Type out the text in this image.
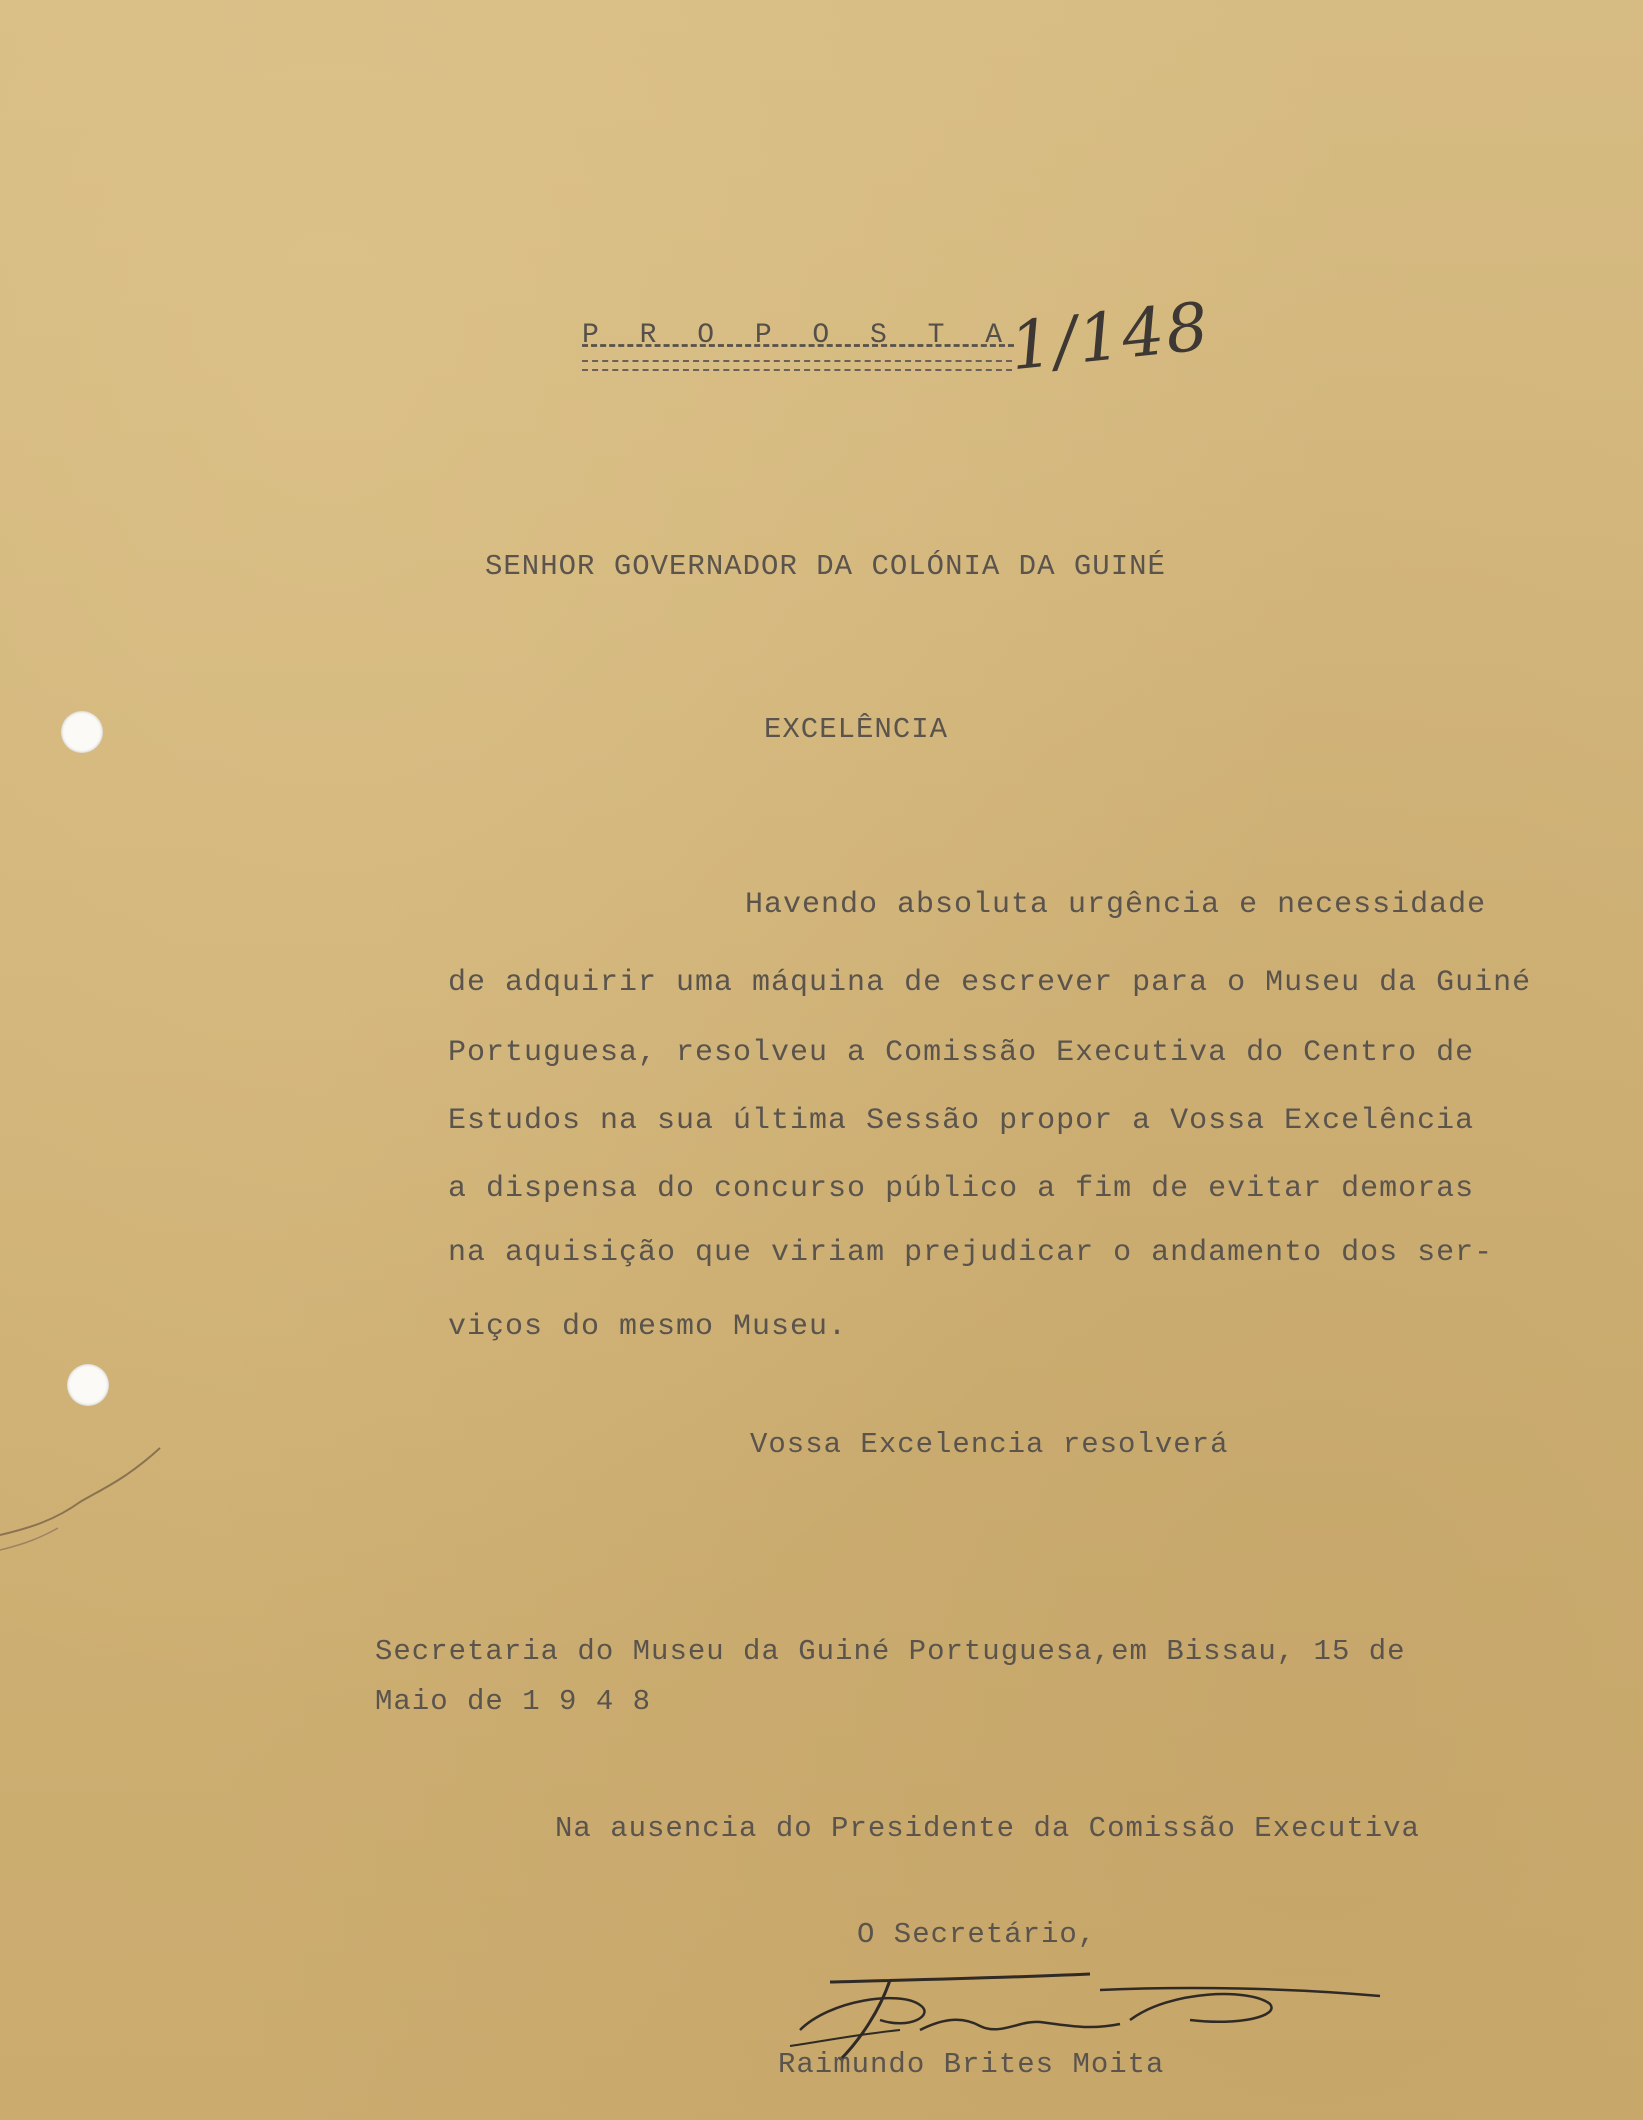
P R O P O S T A
1/148
SENHOR GOVERNADOR DA COLÓNIA DA GUINÉ
EXCELÊNCIA
Havendo absoluta urgência e necessidade
de adquirir uma máquina de escrever para o Museu da Guiné
Portuguesa, resolveu a Comissão Executiva do Centro de
Estudos na sua última Sessão propor a Vossa Excelência
a dispensa do concurso público a fim de evitar demoras
na aquisição que viriam prejudicar o andamento dos ser-
viços do mesmo Museu.
Vossa Excelencia resolverá
Secretaria do Museu da Guiné Portuguesa,em Bissau, 15 de
Maio de 1 9 4 8
Na ausencia do Presidente da Comissão Executiva
O Secretário,
Raimundo Brites Moita
